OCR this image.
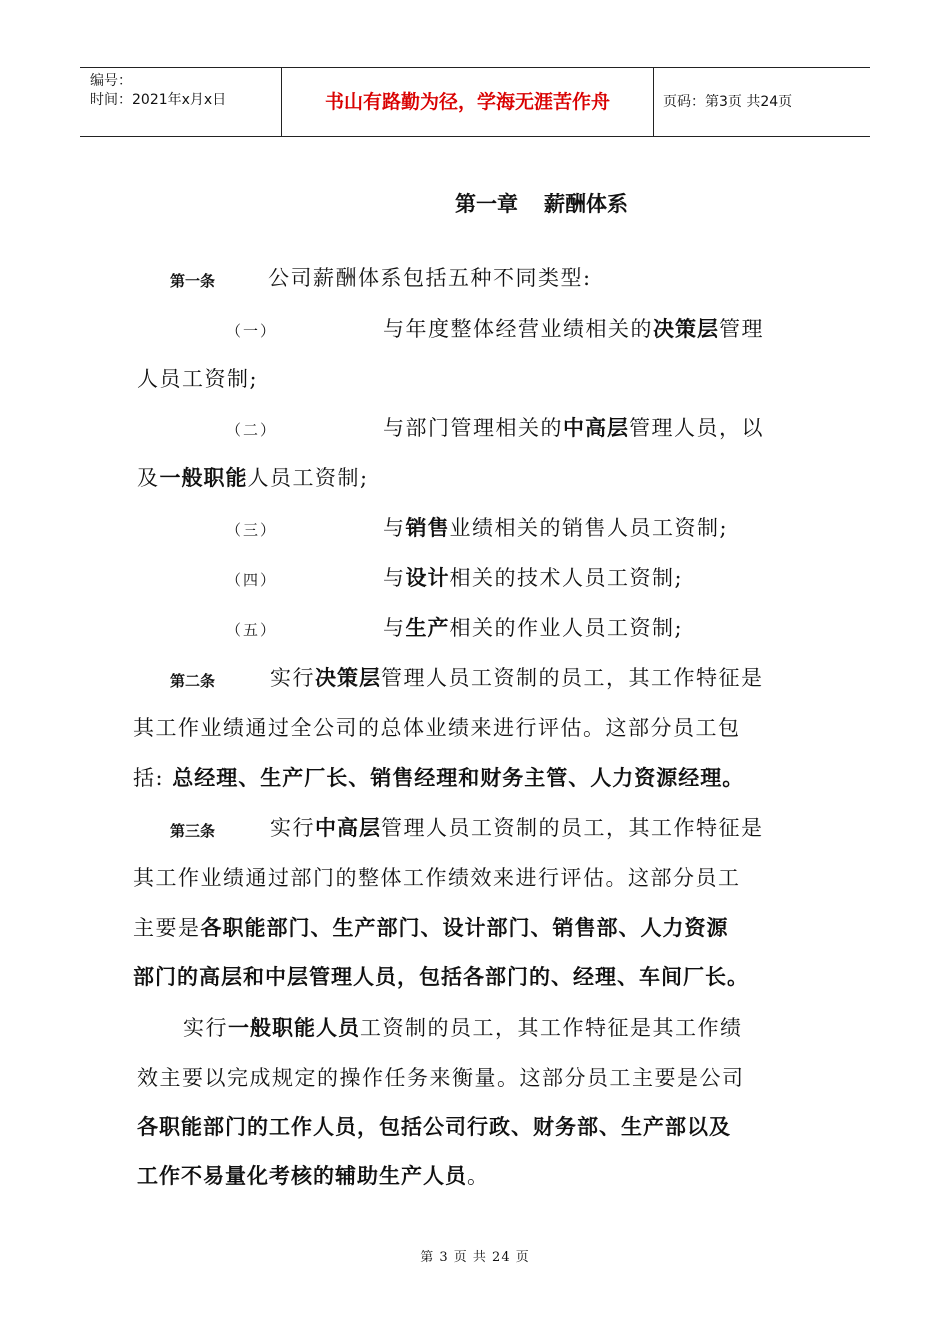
编号：
时间：2021年x月x日	书山有路勤为径，学海无涯苦作舟	页码：第3页 共24页
第一章 薪酬体系
第一条	公司薪酬体系包括五种不同类型:
（一）	与年度整体经营业绩相关的决策层管理
人员工资制;
（二）	与部门管理相关的中高层管理人员，以
及一般职能人员工资制;
（三）	与销售业绩相关的销售人员工资制;
（四）	与设计相关的技术人员工资制;
（五）	与生产相关的作业人员工资制;
第二条	实行决策层管理人员工资制的员工，其工作特征是
其工作业绩通过全公司的总体业绩来进行评估。这部分员工包
括: 总经理、生产厂长、销售经理和财务主管、人力资源经理。
第三条	实行中高层管理人员工资制的员工，其工作特征是
其工作业绩通过部门的整体工作绩效来进行评估。这部分员工
主要是各职能部门、生产部门、设计部门、销售部、人力资源
部门的高层和中层管理人员，包括各部门的、经理、车间厂长。
实行一般职能人员工资制的员工，其工作特征是其工作绩
效主要以完成规定的操作任务来衡量。这部分员工主要是公司
各职能部门的工作人员，包括公司行政、财务部、生产部以及
工作不易量化考核的辅助生产人员。
第 3 页 共 24 页
